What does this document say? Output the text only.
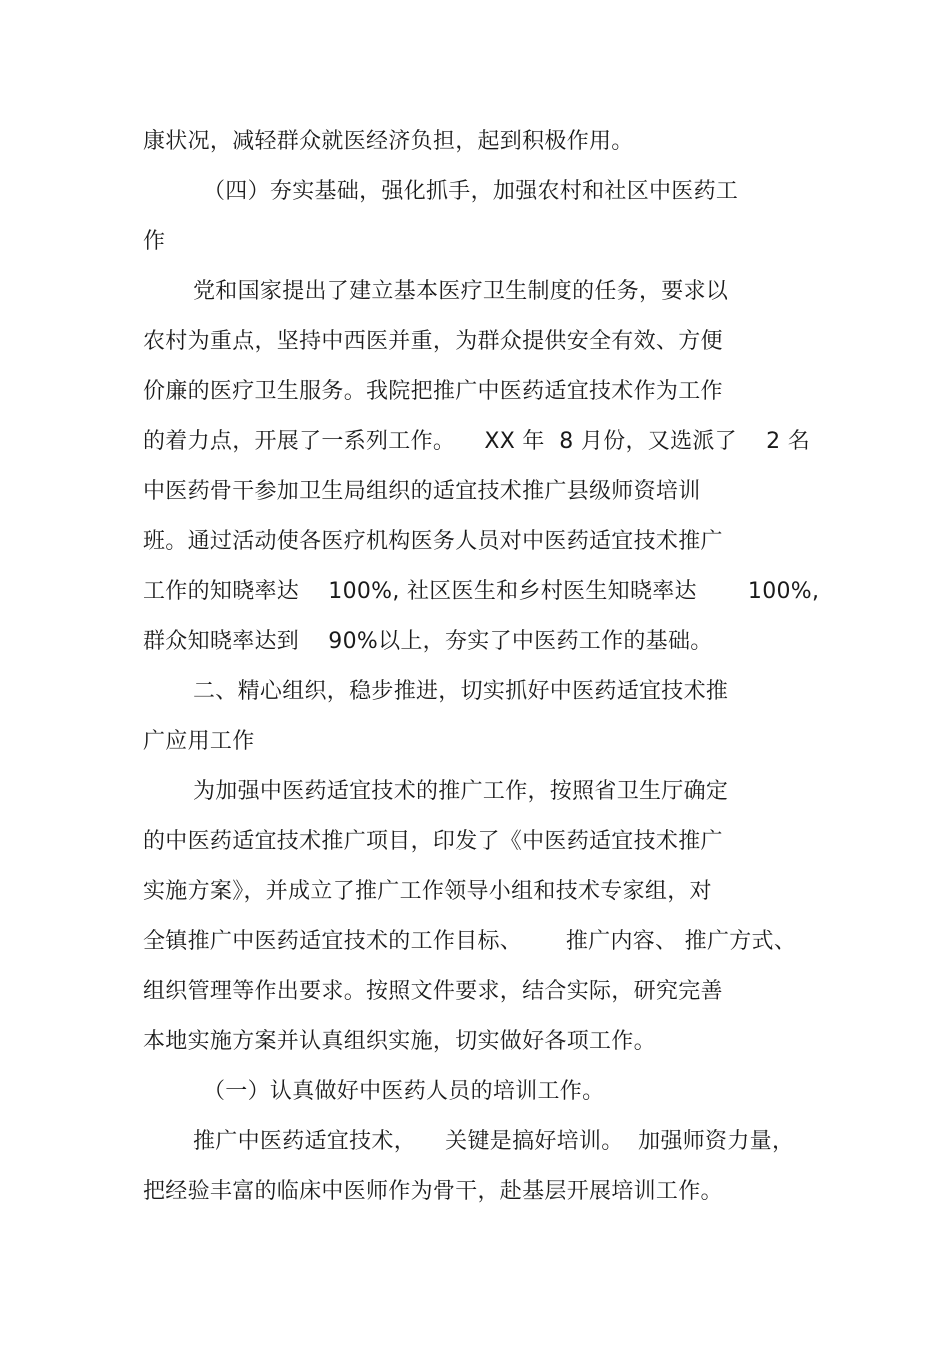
康状况，减轻群众就医经济负担，起到积极作用。
（四）夯实基础，强化抓手，加强农村和社区中医药工
作
党和国家提出了建立基本医疗卫生制度的任务，要求以
农村为重点，坚持中西医并重，为群众提供安全有效、方便
价廉的医疗卫生服务。我院把推广中医药适宜技术作为工作
的着力点，开展了一系列工作。    XX 年  8 月份，又选派了    2 名
中医药骨干参加卫生局组织的适宜技术推广县级师资培训
班。通过活动使各医疗机构医务人员对中医药适宜技术推广
工作的知晓率达    100%, 社区医生和乡村医生知晓率达       100%,
群众知晓率达到    90%以上，夯实了中医药工作的基础。
二、精心组织，稳步推进，切实抓好中医药适宜技术推
广应用工作
为加强中医药适宜技术的推广工作，按照省卫生厅确定
的中医药适宜技术推广项目，印发了《中医药适宜技术推广
实施方案》，并成立了推广工作领导小组和技术专家组，对
全镇推广中医药适宜技术的工作目标、      推广内容、 推广方式、
组织管理等作出要求。按照文件要求，结合实际，研究完善
本地实施方案并认真组织实施，切实做好各项工作。
（一）认真做好中医药人员的培训工作。
推广中医药适宜技术，    关键是搞好培训。  加强师资力量，
把经验丰富的临床中医师作为骨干，赴基层开展培训工作。
